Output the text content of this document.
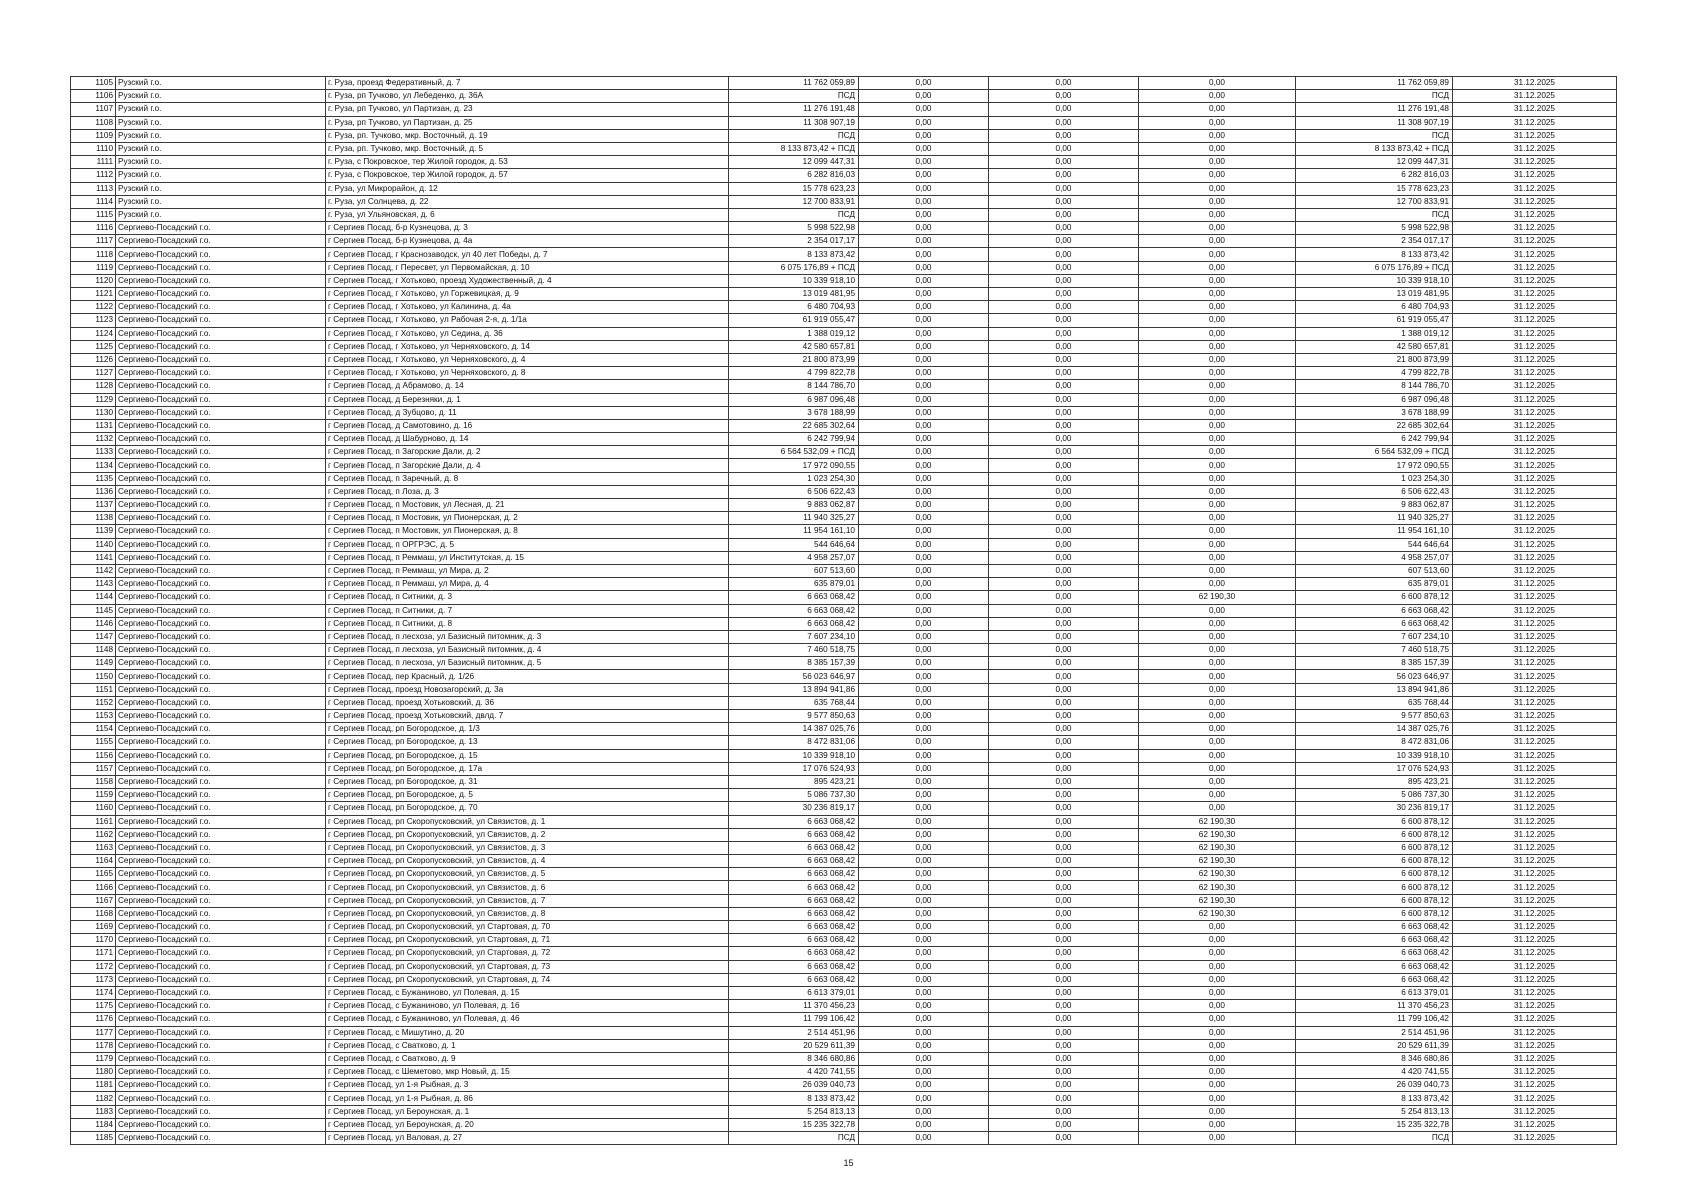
1105	Рузский г.о.	г. Руза, проезд Федеративный, д. 7	11 762 059,89	0,00	0,00	0,00	11 762 059,89	31.12.2025
1106	Рузский г.о.	г. Руза, рп Тучково, ул Лебеденко, д. 36А	ПСД	0,00	0,00	0,00	ПСД	31.12.2025
1107	Рузский г.о.	г. Руза, рп Тучково, ул Партизан, д. 23	11 276 191,48	0,00	0,00	0,00	11 276 191,48	31.12.2025
1108	Рузский г.о.	г. Руза, рп Тучково, ул Партизан, д. 25	11 308 907,19	0,00	0,00	0,00	11 308 907,19	31.12.2025
1109	Рузский г.о.	г. Руза, рп. Тучково, мкр. Восточный, д. 19	ПСД	0,00	0,00	0,00	ПСД	31.12.2025
1110	Рузский г.о.	г. Руза, рп. Тучково, мкр. Восточный, д. 5	8 133 873,42 + ПСД	0,00	0,00	0,00	8 133 873,42 + ПСД	31.12.2025
1111	Рузский г.о.	г. Руза, с Покровское, тер Жилой городок, д. 53	12 099 447,31	0,00	0,00	0,00	12 099 447,31	31.12.2025
1112	Рузский г.о.	г. Руза, с Покровское, тер Жилой городок, д. 57	6 282 816,03	0,00	0,00	0,00	6 282 816,03	31.12.2025
1113	Рузский г.о.	г. Руза, ул Микрорайон, д. 12	15 778 623,23	0,00	0,00	0,00	15 778 623,23	31.12.2025
1114	Рузский г.о.	г. Руза, ул Солнцева, д. 22	12 700 833,91	0,00	0,00	0,00	12 700 833,91	31.12.2025
1115	Рузский г.о.	г. Руза, ул Ульяновская, д. 6	ПСД	0,00	0,00	0,00	ПСД	31.12.2025
1116	Сергиево-Посадский г.о.	г Сергиев Посад, б-р Кузнецова, д. 3	5 998 522,98	0,00	0,00	0,00	5 998 522,98	31.12.2025
1117	Сергиево-Посадский г.о.	г Сергиев Посад, б-р Кузнецова, д. 4а	2 354 017,17	0,00	0,00	0,00	2 354 017,17	31.12.2025
1118	Сергиево-Посадский г.о.	г Сергиев Посад, г Краснозаводск, ул 40 лет Победы, д. 7	8 133 873,42	0,00	0,00	0,00	8 133 873,42	31.12.2025
1119	Сергиево-Посадский г.о.	г Сергиев Посад, г Пересвет, ул Первомайская, д. 10	6 075 176,89 + ПСД	0,00	0,00	0,00	6 075 176,89 + ПСД	31.12.2025
1120	Сергиево-Посадский г.о.	г Сергиев Посад, г Хотьково, проезд Художественный, д. 4	10 339 918,10	0,00	0,00	0,00	10 339 918,10	31.12.2025
1121	Сергиево-Посадский г.о.	г Сергиев Посад, г Хотьково, ул Горжевицкая, д. 9	13 019 481,95	0,00	0,00	0,00	13 019 481,95	31.12.2025
1122	Сергиево-Посадский г.о.	г Сергиев Посад, г Хотьково, ул Калинина, д. 4а	6 480 704,93	0,00	0,00	0,00	6 480 704,93	31.12.2025
1123	Сергиево-Посадский г.о.	г Сергиев Посад, г Хотьково, ул Рабочая 2-я, д. 1/1а	61 919 055,47	0,00	0,00	0,00	61 919 055,47	31.12.2025
1124	Сергиево-Посадский г.о.	г Сергиев Посад, г Хотьково, ул Седина, д. 36	1 388 019,12	0,00	0,00	0,00	1 388 019,12	31.12.2025
1125	Сергиево-Посадский г.о.	г Сергиев Посад, г Хотьково, ул Черняховского, д. 14	42 580 657,81	0,00	0,00	0,00	42 580 657,81	31.12.2025
1126	Сергиево-Посадский г.о.	г Сергиев Посад, г Хотьково, ул Черняховского, д. 4	21 800 873,99	0,00	0,00	0,00	21 800 873,99	31.12.2025
1127	Сергиево-Посадский г.о.	г Сергиев Посад, г Хотьково, ул Черняховского, д. 8	4 799 822,78	0,00	0,00	0,00	4 799 822,78	31.12.2025
1128	Сергиево-Посадский г.о.	г Сергиев Посад, д Абрамово, д. 14	8 144 786,70	0,00	0,00	0,00	8 144 786,70	31.12.2025
1129	Сергиево-Посадский г.о.	г Сергиев Посад, д Березняки, д. 1	6 987 096,48	0,00	0,00	0,00	6 987 096,48	31.12.2025
1130	Сергиево-Посадский г.о.	г Сергиев Посад, д Зубцово, д. 11	3 678 188,99	0,00	0,00	0,00	3 678 188,99	31.12.2025
1131	Сергиево-Посадский г.о.	г Сергиев Посад, д Самотовино, д. 16	22 685 302,64	0,00	0,00	0,00	22 685 302,64	31.12.2025
1132	Сергиево-Посадский г.о.	г Сергиев Посад, д Шабурново, д. 14	6 242 799,94	0,00	0,00	0,00	6 242 799,94	31.12.2025
1133	Сергиево-Посадский г.о.	г Сергиев Посад, п Загорские Дали, д. 2	6 564 532,09 + ПСД	0,00	0,00	0,00	6 564 532,09 + ПСД	31.12.2025
1134	Сергиево-Посадский г.о.	г Сергиев Посад, п Загорские Дали, д. 4	17 972 090,55	0,00	0,00	0,00	17 972 090,55	31.12.2025
1135	Сергиево-Посадский г.о.	г Сергиев Посад, п Заречный, д. 8	1 023 254,30	0,00	0,00	0,00	1 023 254,30	31.12.2025
1136	Сергиево-Посадский г.о.	г Сергиев Посад, п Лоза, д. 3	6 506 622,43	0,00	0,00	0,00	6 506 622,43	31.12.2025
1137	Сергиево-Посадский г.о.	г Сергиев Посад, п Мостовик, ул Лесная, д. 21	9 883 062,87	0,00	0,00	0,00	9 883 062,87	31.12.2025
1138	Сергиево-Посадский г.о.	г Сергиев Посад, п Мостовик, ул Пионерская, д. 2	11 940 325,27	0,00	0,00	0,00	11 940 325,27	31.12.2025
1139	Сергиево-Посадский г.о.	г Сергиев Посад, п Мостовик, ул Пионерская, д. 8	11 954 161,10	0,00	0,00	0,00	11 954 161,10	31.12.2025
1140	Сергиево-Посадский г.о.	г Сергиев Посад, п ОРГРЭС, д. 5	544 646,64	0,00	0,00	0,00	544 646,64	31.12.2025
1141	Сергиево-Посадский г.о.	г Сергиев Посад, п Реммаш, ул Институтская, д. 15	4 958 257,07	0,00	0,00	0,00	4 958 257,07	31.12.2025
1142	Сергиево-Посадский г.о.	г Сергиев Посад, п Реммаш, ул Мира, д. 2	607 513,60	0,00	0,00	0,00	607 513,60	31.12.2025
1143	Сергиево-Посадский г.о.	г Сергиев Посад, п Реммаш, ул Мира, д. 4	635 879,01	0,00	0,00	0,00	635 879,01	31.12.2025
1144	Сергиево-Посадский г.о.	г Сергиев Посад, п Ситники, д. 3	6 663 068,42	0,00	0,00	62 190,30	6 600 878,12	31.12.2025
1145	Сергиево-Посадский г.о.	г Сергиев Посад, п Ситники, д. 7	6 663 068,42	0,00	0,00	0,00	6 663 068,42	31.12.2025
1146	Сергиево-Посадский г.о.	г Сергиев Посад, п Ситники, д. 8	6 663 068,42	0,00	0,00	0,00	6 663 068,42	31.12.2025
1147	Сергиево-Посадский г.о.	г Сергиев Посад, п лесхоза, ул Базисный питомник, д. 3	7 607 234,10	0,00	0,00	0,00	7 607 234,10	31.12.2025
1148	Сергиево-Посадский г.о.	г Сергиев Посад, п лесхоза, ул Базисный питомник, д. 4	7 460 518,75	0,00	0,00	0,00	7 460 518,75	31.12.2025
1149	Сергиево-Посадский г.о.	г Сергиев Посад, п лесхоза, ул Базисный питомник, д. 5	8 385 157,39	0,00	0,00	0,00	8 385 157,39	31.12.2025
1150	Сергиево-Посадский г.о.	г Сергиев Посад, пер Красный, д. 1/26	56 023 646,97	0,00	0,00	0,00	56 023 646,97	31.12.2025
1151	Сергиево-Посадский г.о.	г Сергиев Посад, проезд Новозагорский, д. 3а	13 894 941,86	0,00	0,00	0,00	13 894 941,86	31.12.2025
1152	Сергиево-Посадский г.о.	г Сергиев Посад, проезд Хотьковский, д. 36	635 768,44	0,00	0,00	0,00	635 768,44	31.12.2025
1153	Сергиево-Посадский г.о.	г Сергиев Посад, проезд Хотьковский, двлд. 7	9 577 850,63	0,00	0,00	0,00	9 577 850,63	31.12.2025
1154	Сергиево-Посадский г.о.	г Сергиев Посад, рп Богородское, д. 1/3	14 387 025,76	0,00	0,00	0,00	14 387 025,76	31.12.2025
1155	Сергиево-Посадский г.о.	г Сергиев Посад, рп Богородское, д. 13	8 472 831,06	0,00	0,00	0,00	8 472 831,06	31.12.2025
1156	Сергиево-Посадский г.о.	г Сергиев Посад, рп Богородское, д. 15	10 339 918,10	0,00	0,00	0,00	10 339 918,10	31.12.2025
1157	Сергиево-Посадский г.о.	г Сергиев Посад, рп Богородское, д. 17а	17 076 524,93	0,00	0,00	0,00	17 076 524,93	31.12.2025
1158	Сергиево-Посадский г.о.	г Сергиев Посад, рп Богородское, д. 31	895 423,21	0,00	0,00	0,00	895 423,21	31.12.2025
1159	Сергиево-Посадский г.о.	г Сергиев Посад, рп Богородское, д. 5	5 086 737,30	0,00	0,00	0,00	5 086 737,30	31.12.2025
1160	Сергиево-Посадский г.о.	г Сергиев Посад, рп Богородское, д. 70	30 236 819,17	0,00	0,00	0,00	30 236 819,17	31.12.2025
1161	Сергиево-Посадский г.о.	г Сергиев Посад, рп Скоропусковский, ул Связистов, д. 1	6 663 068,42	0,00	0,00	62 190,30	6 600 878,12	31.12.2025
1162	Сергиево-Посадский г.о.	г Сергиев Посад, рп Скоропусковский, ул Связистов, д. 2	6 663 068,42	0,00	0,00	62 190,30	6 600 878,12	31.12.2025
1163	Сергиево-Посадский г.о.	г Сергиев Посад, рп Скоропусковский, ул Связистов, д. 3	6 663 068,42	0,00	0,00	62 190,30	6 600 878,12	31.12.2025
1164	Сергиево-Посадский г.о.	г Сергиев Посад, рп Скоропусковский, ул Связистов, д. 4	6 663 068,42	0,00	0,00	62 190,30	6 600 878,12	31.12.2025
1165	Сергиево-Посадский г.о.	г Сергиев Посад, рп Скоропусковский, ул Связистов, д. 5	6 663 068,42	0,00	0,00	62 190,30	6 600 878,12	31.12.2025
1166	Сергиево-Посадский г.о.	г Сергиев Посад, рп Скоропусковский, ул Связистов, д. 6	6 663 068,42	0,00	0,00	62 190,30	6 600 878,12	31.12.2025
1167	Сергиево-Посадский г.о.	г Сергиев Посад, рп Скоропусковский, ул Связистов, д. 7	6 663 068,42	0,00	0,00	62 190,30	6 600 878,12	31.12.2025
1168	Сергиево-Посадский г.о.	г Сергиев Посад, рп Скоропусковский, ул Связистов, д. 8	6 663 068,42	0,00	0,00	62 190,30	6 600 878,12	31.12.2025
1169	Сергиево-Посадский г.о.	г Сергиев Посад, рп Скоропусковский, ул Стартовая, д. 70	6 663 068,42	0,00	0,00	0,00	6 663 068,42	31.12.2025
1170	Сергиево-Посадский г.о.	г Сергиев Посад, рп Скоропусковский, ул Стартовая, д. 71	6 663 068,42	0,00	0,00	0,00	6 663 068,42	31.12.2025
1171	Сергиево-Посадский г.о.	г Сергиев Посад, рп Скоропусковский, ул Стартовая, д. 72	6 663 068,42	0,00	0,00	0,00	6 663 068,42	31.12.2025
1172	Сергиево-Посадский г.о.	г Сергиев Посад, рп Скоропусковский, ул Стартовая, д. 73	6 663 068,42	0,00	0,00	0,00	6 663 068,42	31.12.2025
1173	Сергиево-Посадский г.о.	г Сергиев Посад, рп Скоропусковский, ул Стартовая, д. 74	6 663 068,42	0,00	0,00	0,00	6 663 068,42	31.12.2025
1174	Сергиево-Посадский г.о.	г Сергиев Посад, с Бужаниново, ул Полевая, д. 15	6 613 379,01	0,00	0,00	0,00	6 613 379,01	31.12.2025
1175	Сергиево-Посадский г.о.	г Сергиев Посад, с Бужаниново, ул Полевая, д. 16	11 370 456,23	0,00	0,00	0,00	11 370 456,23	31.12.2025
1176	Сергиево-Посадский г.о.	г Сергиев Посад, с Бужаниново, ул Полевая, д. 46	11 799 106,42	0,00	0,00	0,00	11 799 106,42	31.12.2025
1177	Сергиево-Посадский г.о.	г Сергиев Посад, с Мишутино, д. 20	2 514 451,96	0,00	0,00	0,00	2 514 451,96	31.12.2025
1178	Сергиево-Посадский г.о.	г Сергиев Посад, с Сватково, д. 1	20 529 611,39	0,00	0,00	0,00	20 529 611,39	31.12.2025
1179	Сергиево-Посадский г.о.	г Сергиев Посад, с Сватково, д. 9	8 346 680,86	0,00	0,00	0,00	8 346 680,86	31.12.2025
1180	Сергиево-Посадский г.о.	г Сергиев Посад, с Шеметово, мкр Новый, д. 15	4 420 741,55	0,00	0,00	0,00	4 420 741,55	31.12.2025
1181	Сергиево-Посадский г.о.	г Сергиев Посад, ул 1-я Рыбная, д. 3	26 039 040,73	0,00	0,00	0,00	26 039 040,73	31.12.2025
1182	Сергиево-Посадский г.о.	г Сергиев Посад, ул 1-я Рыбная, д. 86	8 133 873,42	0,00	0,00	0,00	8 133 873,42	31.12.2025
1183	Сергиево-Посадский г.о.	г Сергиев Посад, ул Бероунская, д. 1	5 254 813,13	0,00	0,00	0,00	5 254 813,13	31.12.2025
1184	Сергиево-Посадский г.о.	г Сергиев Посад, ул Бероунская, д. 20	15 235 322,78	0,00	0,00	0,00	15 235 322,78	31.12.2025
1185	Сергиево-Посадский г.о.	г Сергиев Посад, ул Валовая, д. 27	ПСД	0,00	0,00	0,00	ПСД	31.12.2025
15
